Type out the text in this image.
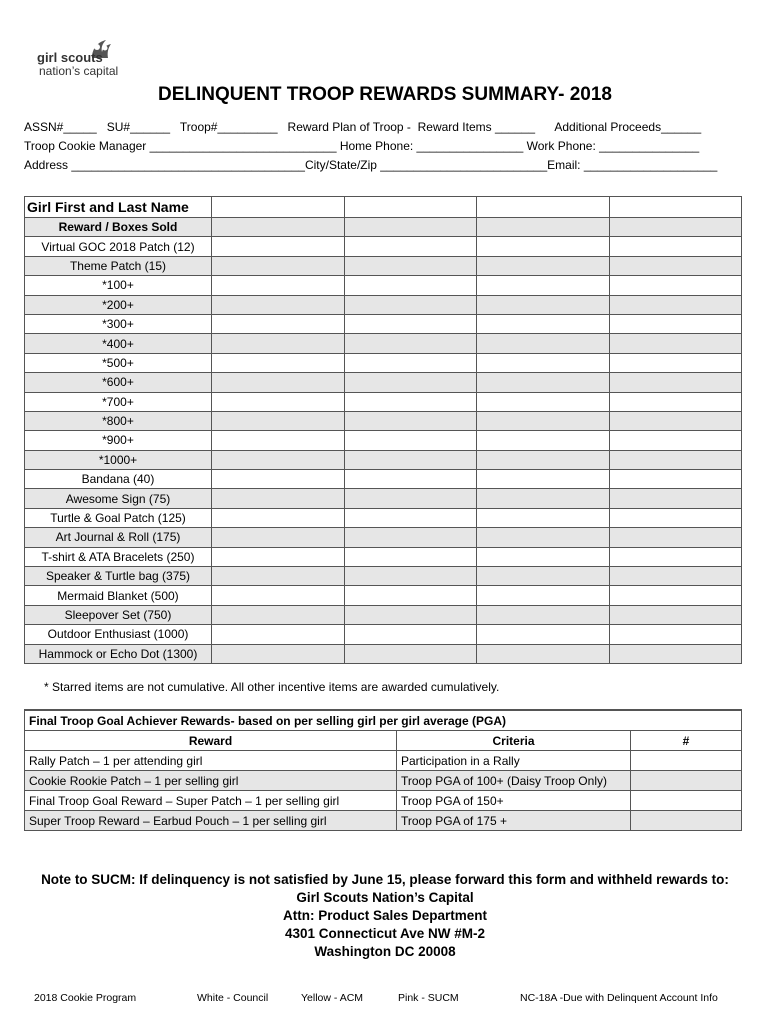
girl scouts
nation’s capital
DELINQUENT TROOP REWARDS SUMMARY- 2018
ASSN#_____   SU#______   Troop#_________   Reward Plan of Troop -  Reward Items ______      Additional Proceeds______
Troop Cookie Manager ____________________________ Home Phone: ________________ Work Phone: _______________
Address ___________________________________City/State/Zip _________________________Email: ____________________
Girl First and Last Name				
Reward / Boxes Sold				
Virtual GOC 2018 Patch (12)				
Theme Patch (15)				
*100+				
*200+				
*300+				
*400+				
*500+				
*600+				
*700+				
*800+				
*900+				
*1000+				
Bandana (40)				
Awesome Sign (75)				
Turtle & Goal Patch (125)				
Art Journal & Roll (175)				
T-shirt & ATA Bracelets (250)				
Speaker & Turtle bag (375)				
Mermaid Blanket (500)				
Sleepover Set (750)				
Outdoor Enthusiast (1000)				
Hammock or Echo Dot (1300)				
* Starred items are not cumulative. All other incentive items are awarded cumulatively.
Final Troop Goal Achiever Rewards- based on per selling girl per girl average (PGA)		
Reward	Criteria	#
Rally Patch – 1 per attending girl	Participation in a Rally	
Cookie Rookie Patch – 1 per selling girl	Troop PGA of 100+ (Daisy Troop Only)	
Final Troop Goal Reward – Super Patch – 1 per selling girl	Troop PGA of 150+	
Super Troop Reward – Earbud Pouch – 1 per selling girl	Troop PGA of 175 +	
Note to SUCM: If delinquency is not satisfied by June 15, please forward this form and withheld rewards to:
Girl Scouts Nation’s Capital
Attn: Product Sales Department
4301 Connecticut Ave NW #M-2
Washington DC 20008
2018 Cookie Program	White - Council	Yellow - ACM	Pink - SUCM	NC-18A -Due with Delinquent Account Info
